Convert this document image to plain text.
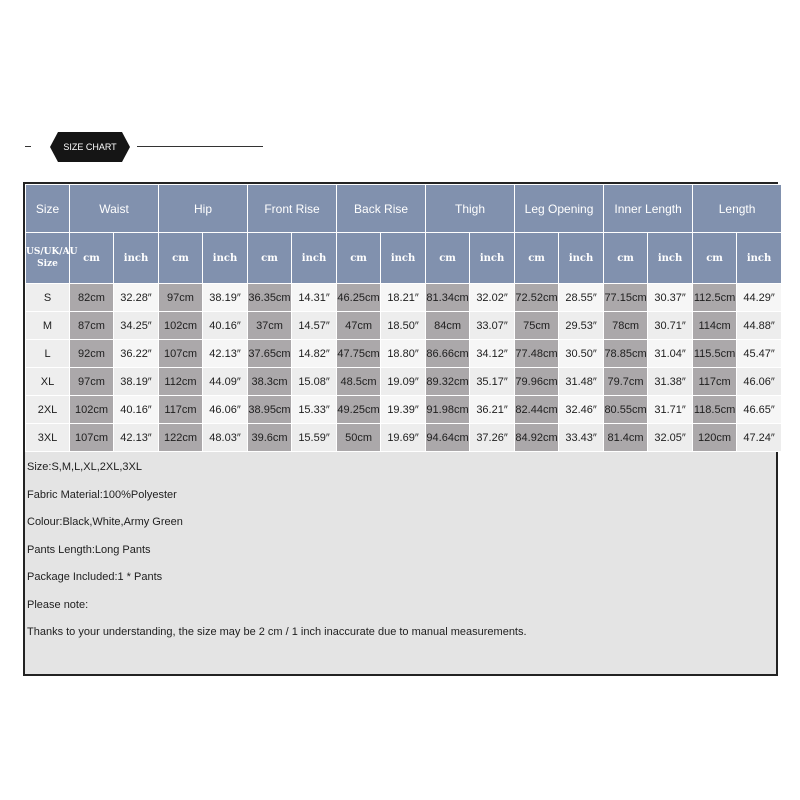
SIZE CHART
Size	Waist		Hip		Front Rise		Back Rise		Thigh		Leg Opening		Inner Length		Length	
US/UK/AU
Size	cm	inch	cm	inch	cm	inch	cm	inch	cm	inch	cm	inch	cm	inch	cm	inch
S	82cm	32.28″	97cm	38.19″	36.35cm	14.31″	46.25cm	18.21″	81.34cm	32.02″	72.52cm	28.55″	77.15cm	30.37″	112.5cm	44.29″
M	87cm	34.25″	102cm	40.16″	37cm	14.57″	47cm	18.50″	84cm	33.07″	75cm	29.53″	78cm	30.71″	114cm	44.88″
L	92cm	36.22″	107cm	42.13″	37.65cm	14.82″	47.75cm	18.80″	86.66cm	34.12″	77.48cm	30.50″	78.85cm	31.04″	115.5cm	45.47″
XL	97cm	38.19″	112cm	44.09″	38.3cm	15.08″	48.5cm	19.09″	89.32cm	35.17″	79.96cm	31.48″	79.7cm	31.38″	117cm	46.06″
2XL	102cm	40.16″	117cm	46.06″	38.95cm	15.33″	49.25cm	19.39″	91.98cm	36.21″	82.44cm	32.46″	80.55cm	31.71″	118.5cm	46.65″
3XL	107cm	42.13″	122cm	48.03″	39.6cm	15.59″	50cm	19.69″	94.64cm	37.26″	84.92cm	33.43″	81.4cm	32.05″	120cm	47.24″
Size:S,M,L,XL,2XL,3XL
Fabric Material:100%Polyester
Colour:Black,White,Army Green
Pants Length:Long Pants
Package Included:1 * Pants
Please note:
Thanks to your understanding, the size may be 2 cm / 1 inch inaccurate due to manual measurements.
